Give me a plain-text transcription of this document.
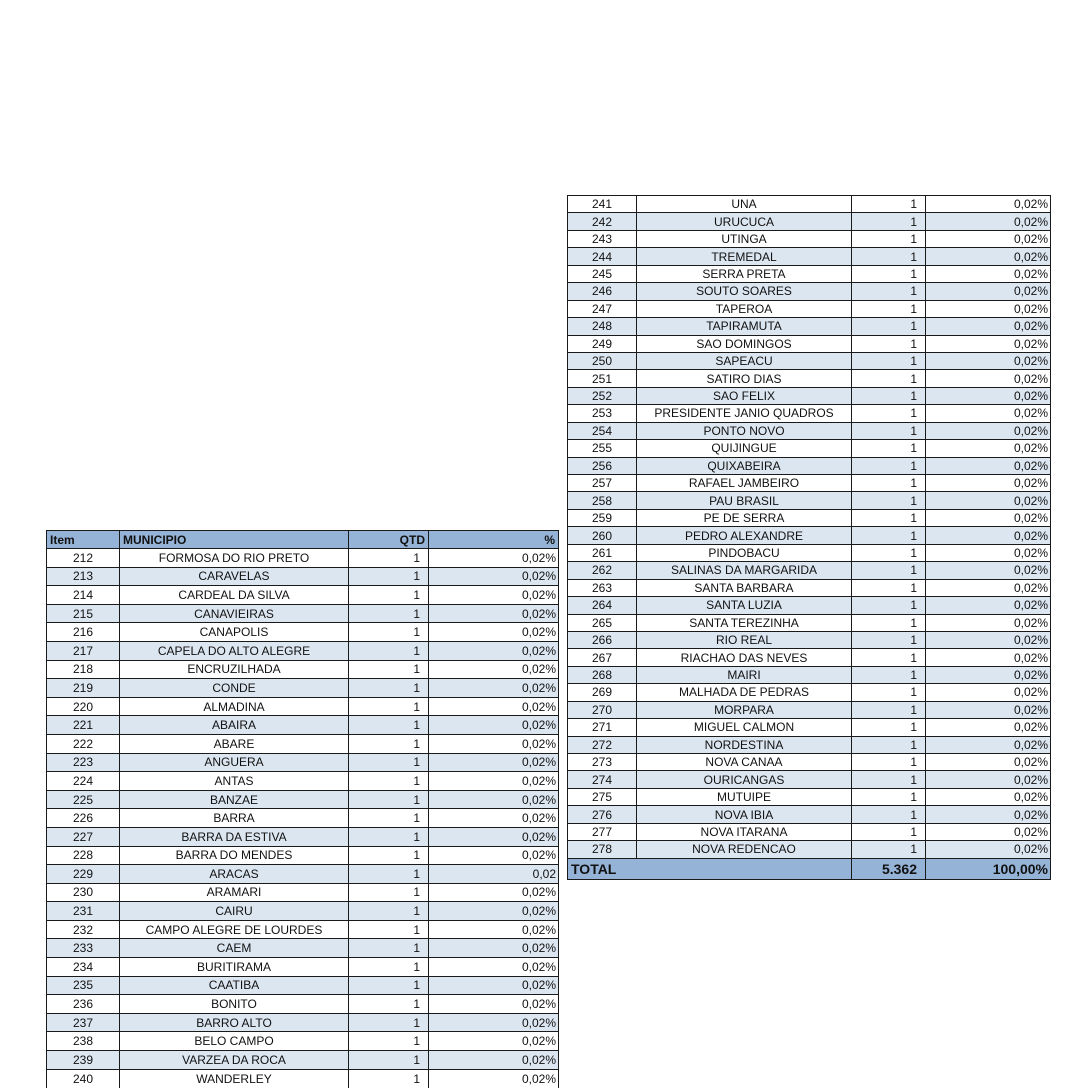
Item	MUNICIPIO	QTD	%
212	FORMOSA DO RIO PRETO	1	0,02%
213	CARAVELAS	1	0,02%
214	CARDEAL DA SILVA	1	0,02%
215	CANAVIEIRAS	1	0,02%
216	CANAPOLIS	1	0,02%
217	CAPELA DO ALTO ALEGRE	1	0,02%
218	ENCRUZILHADA	1	0,02%
219	CONDE	1	0,02%
220	ALMADINA	1	0,02%
221	ABAIRA	1	0,02%
222	ABARE	1	0,02%
223	ANGUERA	1	0,02%
224	ANTAS	1	0,02%
225	BANZAE	1	0,02%
226	BARRA	1	0,02%
227	BARRA DA ESTIVA	1	0,02%
228	BARRA DO MENDES	1	0,02%
229	ARACAS	1	0,02
230	ARAMARI	1	0,02%
231	CAIRU	1	0,02%
232	CAMPO ALEGRE DE LOURDES	1	0,02%
233	CAEM	1	0,02%
234	BURITIRAMA	1	0,02%
235	CAATIBA	1	0,02%
236	BONITO	1	0,02%
237	BARRO ALTO	1	0,02%
238	BELO CAMPO	1	0,02%
239	VARZEA DA ROCA	1	0,02%
240	WANDERLEY	1	0,02%
241	UNA	1	0,02%
242	URUCUCA	1	0,02%
243	UTINGA	1	0,02%
244	TREMEDAL	1	0,02%
245	SERRA PRETA	1	0,02%
246	SOUTO SOARES	1	0,02%
247	TAPEROA	1	0,02%
248	TAPIRAMUTA	1	0,02%
249	SAO DOMINGOS	1	0,02%
250	SAPEACU	1	0,02%
251	SATIRO DIAS	1	0,02%
252	SAO FELIX	1	0,02%
253	PRESIDENTE JANIO QUADROS	1	0,02%
254	PONTO NOVO	1	0,02%
255	QUIJINGUE	1	0,02%
256	QUIXABEIRA	1	0,02%
257	RAFAEL JAMBEIRO	1	0,02%
258	PAU BRASIL	1	0,02%
259	PE DE SERRA	1	0,02%
260	PEDRO ALEXANDRE	1	0,02%
261	PINDOBACU	1	0,02%
262	SALINAS DA MARGARIDA	1	0,02%
263	SANTA BARBARA	1	0,02%
264	SANTA LUZIA	1	0,02%
265	SANTA TEREZINHA	1	0,02%
266	RIO REAL	1	0,02%
267	RIACHAO DAS NEVES	1	0,02%
268	MAIRI	1	0,02%
269	MALHADA DE PEDRAS	1	0,02%
270	MORPARA	1	0,02%
271	MIGUEL CALMON	1	0,02%
272	NORDESTINA	1	0,02%
273	NOVA CANAA	1	0,02%
274	OURICANGAS	1	0,02%
275	MUTUIPE	1	0,02%
276	NOVA IBIA	1	0,02%
277	NOVA ITARANA	1	0,02%
278	NOVA REDENCAO	1	0,02%
TOTAL		5.362	100,00%
